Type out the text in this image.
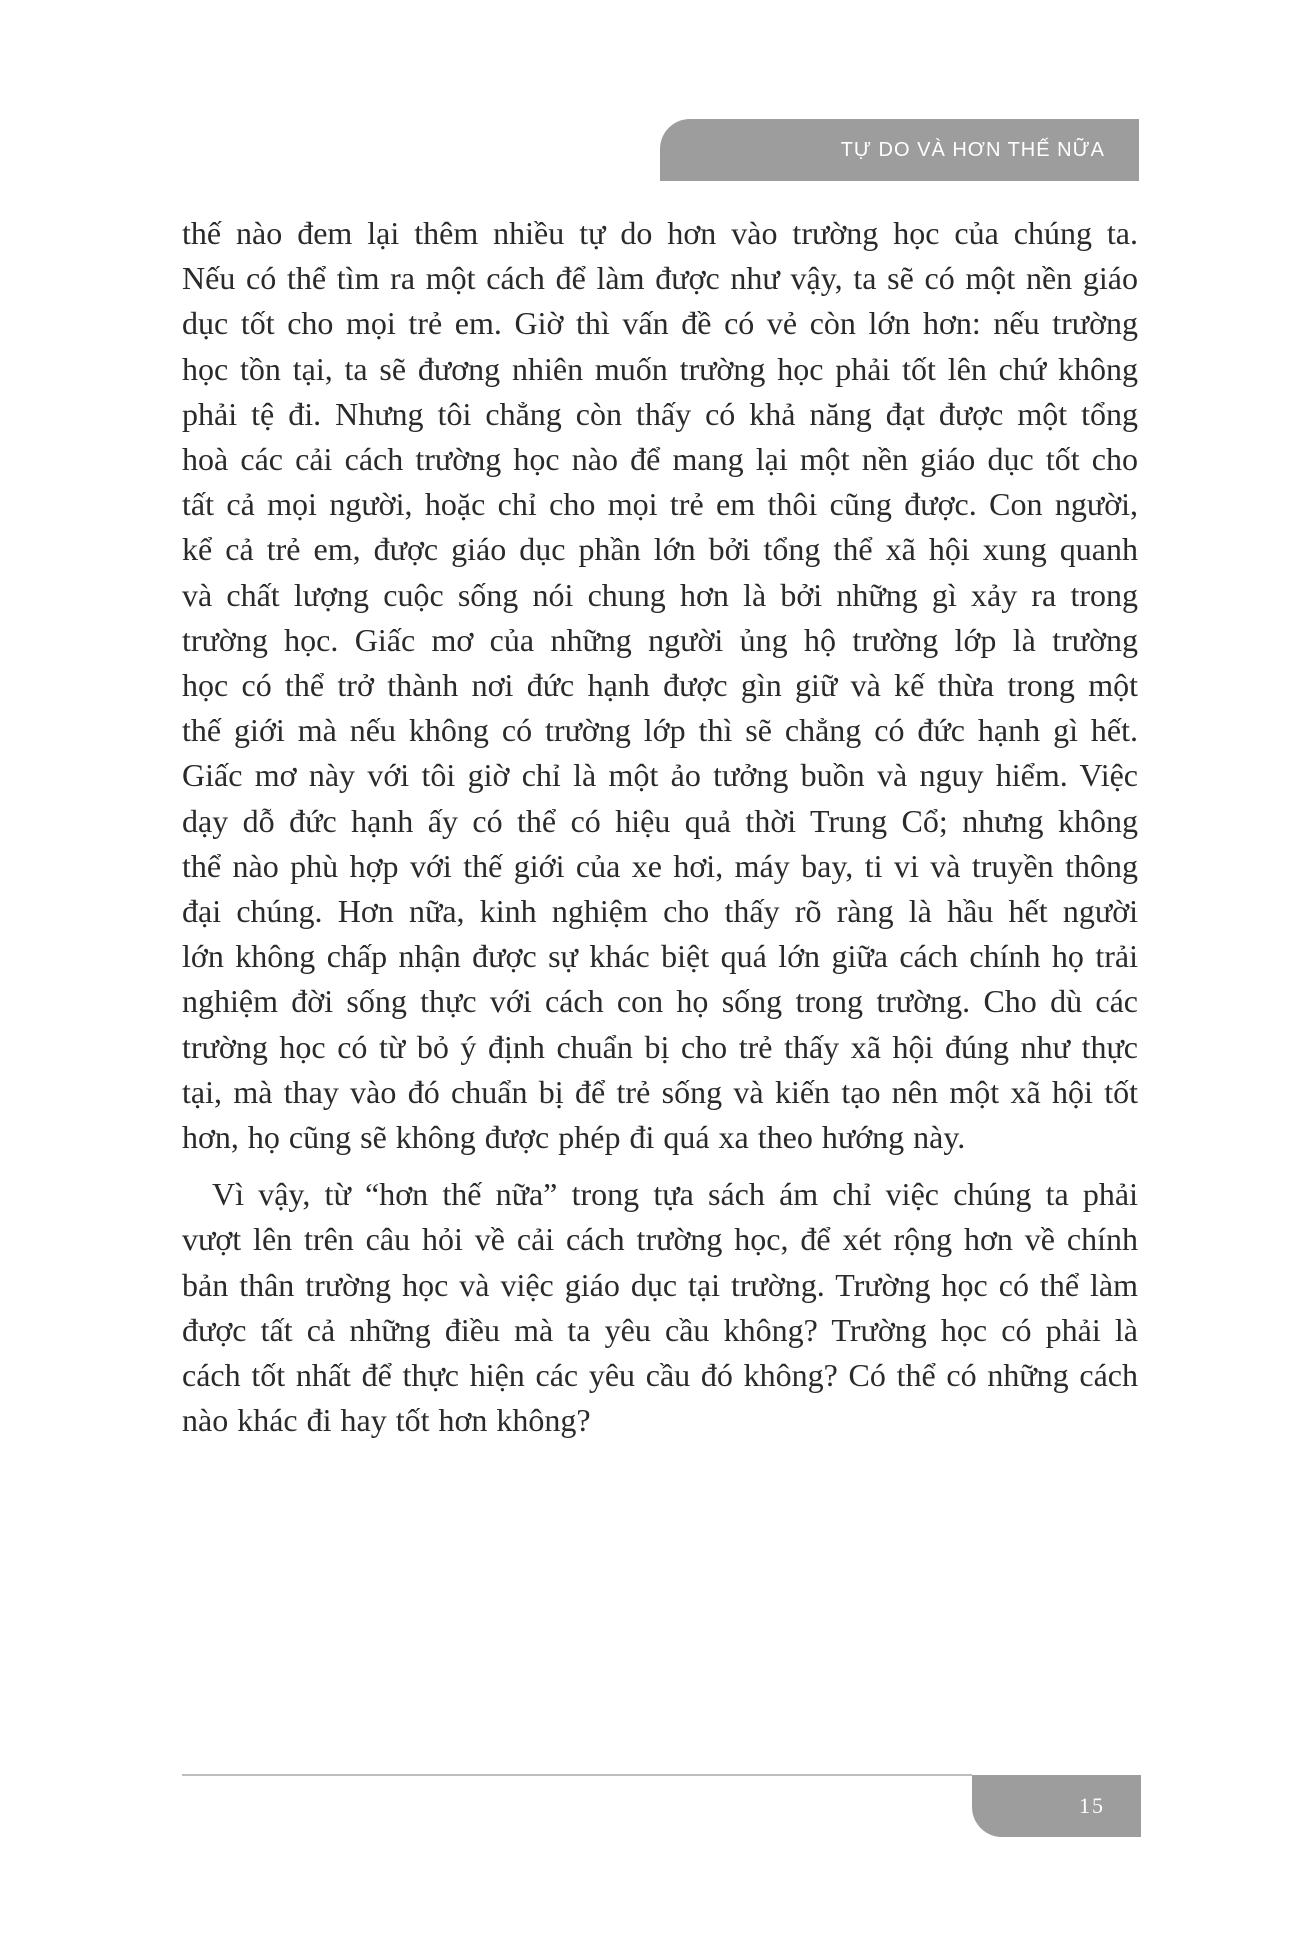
TỰ DO VÀ HƠN THẾ NỮA

thế nào đem lại thêm nhiều tự do hơn vào trường học của chúng ta.
Nếu có thể tìm ra một cách để làm được như vậy, ta sẽ có một nền giáo
dục tốt cho mọi trẻ em. Giờ thì vấn đề có vẻ còn lớn hơn: nếu trường
học tồn tại, ta sẽ đương nhiên muốn trường học phải tốt lên chứ không
phải tệ đi. Nhưng tôi chẳng còn thấy có khả năng đạt được một tổng
hoà các cải cách trường học nào để mang lại một nền giáo dục tốt cho
tất cả mọi người, hoặc chỉ cho mọi trẻ em thôi cũng được. Con người,
kể cả trẻ em, được giáo dục phần lớn bởi tổng thể xã hội xung quanh
và chất lượng cuộc sống nói chung hơn là bởi những gì xảy ra trong
trường học. Giấc mơ của những người ủng hộ trường lớp là trường
học có thể trở thành nơi đức hạnh được gìn giữ và kế thừa trong một
thế giới mà nếu không có trường lớp thì sẽ chẳng có đức hạnh gì hết.
Giấc mơ này với tôi giờ chỉ là một ảo tưởng buồn và nguy hiểm. Việc
dạy dỗ đức hạnh ấy có thể có hiệu quả thời Trung Cổ; nhưng không
thể nào phù hợp với thế giới của xe hơi, máy bay, ti vi và truyền thông
đại chúng. Hơn nữa, kinh nghiệm cho thấy rõ ràng là hầu hết người
lớn không chấp nhận được sự khác biệt quá lớn giữa cách chính họ trải
nghiệm đời sống thực với cách con họ sống trong trường. Cho dù các
trường học có từ bỏ ý định chuẩn bị cho trẻ thấy xã hội đúng như thực
tại, mà thay vào đó chuẩn bị để trẻ sống và kiến tạo nên một xã hội tốt
hơn, họ cũng sẽ không được phép đi quá xa theo hướng này.

Vì vậy, từ “hơn thế nữa” trong tựa sách ám chỉ việc chúng ta phải
vượt lên trên câu hỏi về cải cách trường học, để xét rộng hơn về chính
bản thân trường học và việc giáo dục tại trường. Trường học có thể làm
được tất cả những điều mà ta yêu cầu không? Trường học có phải là
cách tốt nhất để thực hiện các yêu cầu đó không? Có thể có những cách
nào khác đi hay tốt hơn không?

15
